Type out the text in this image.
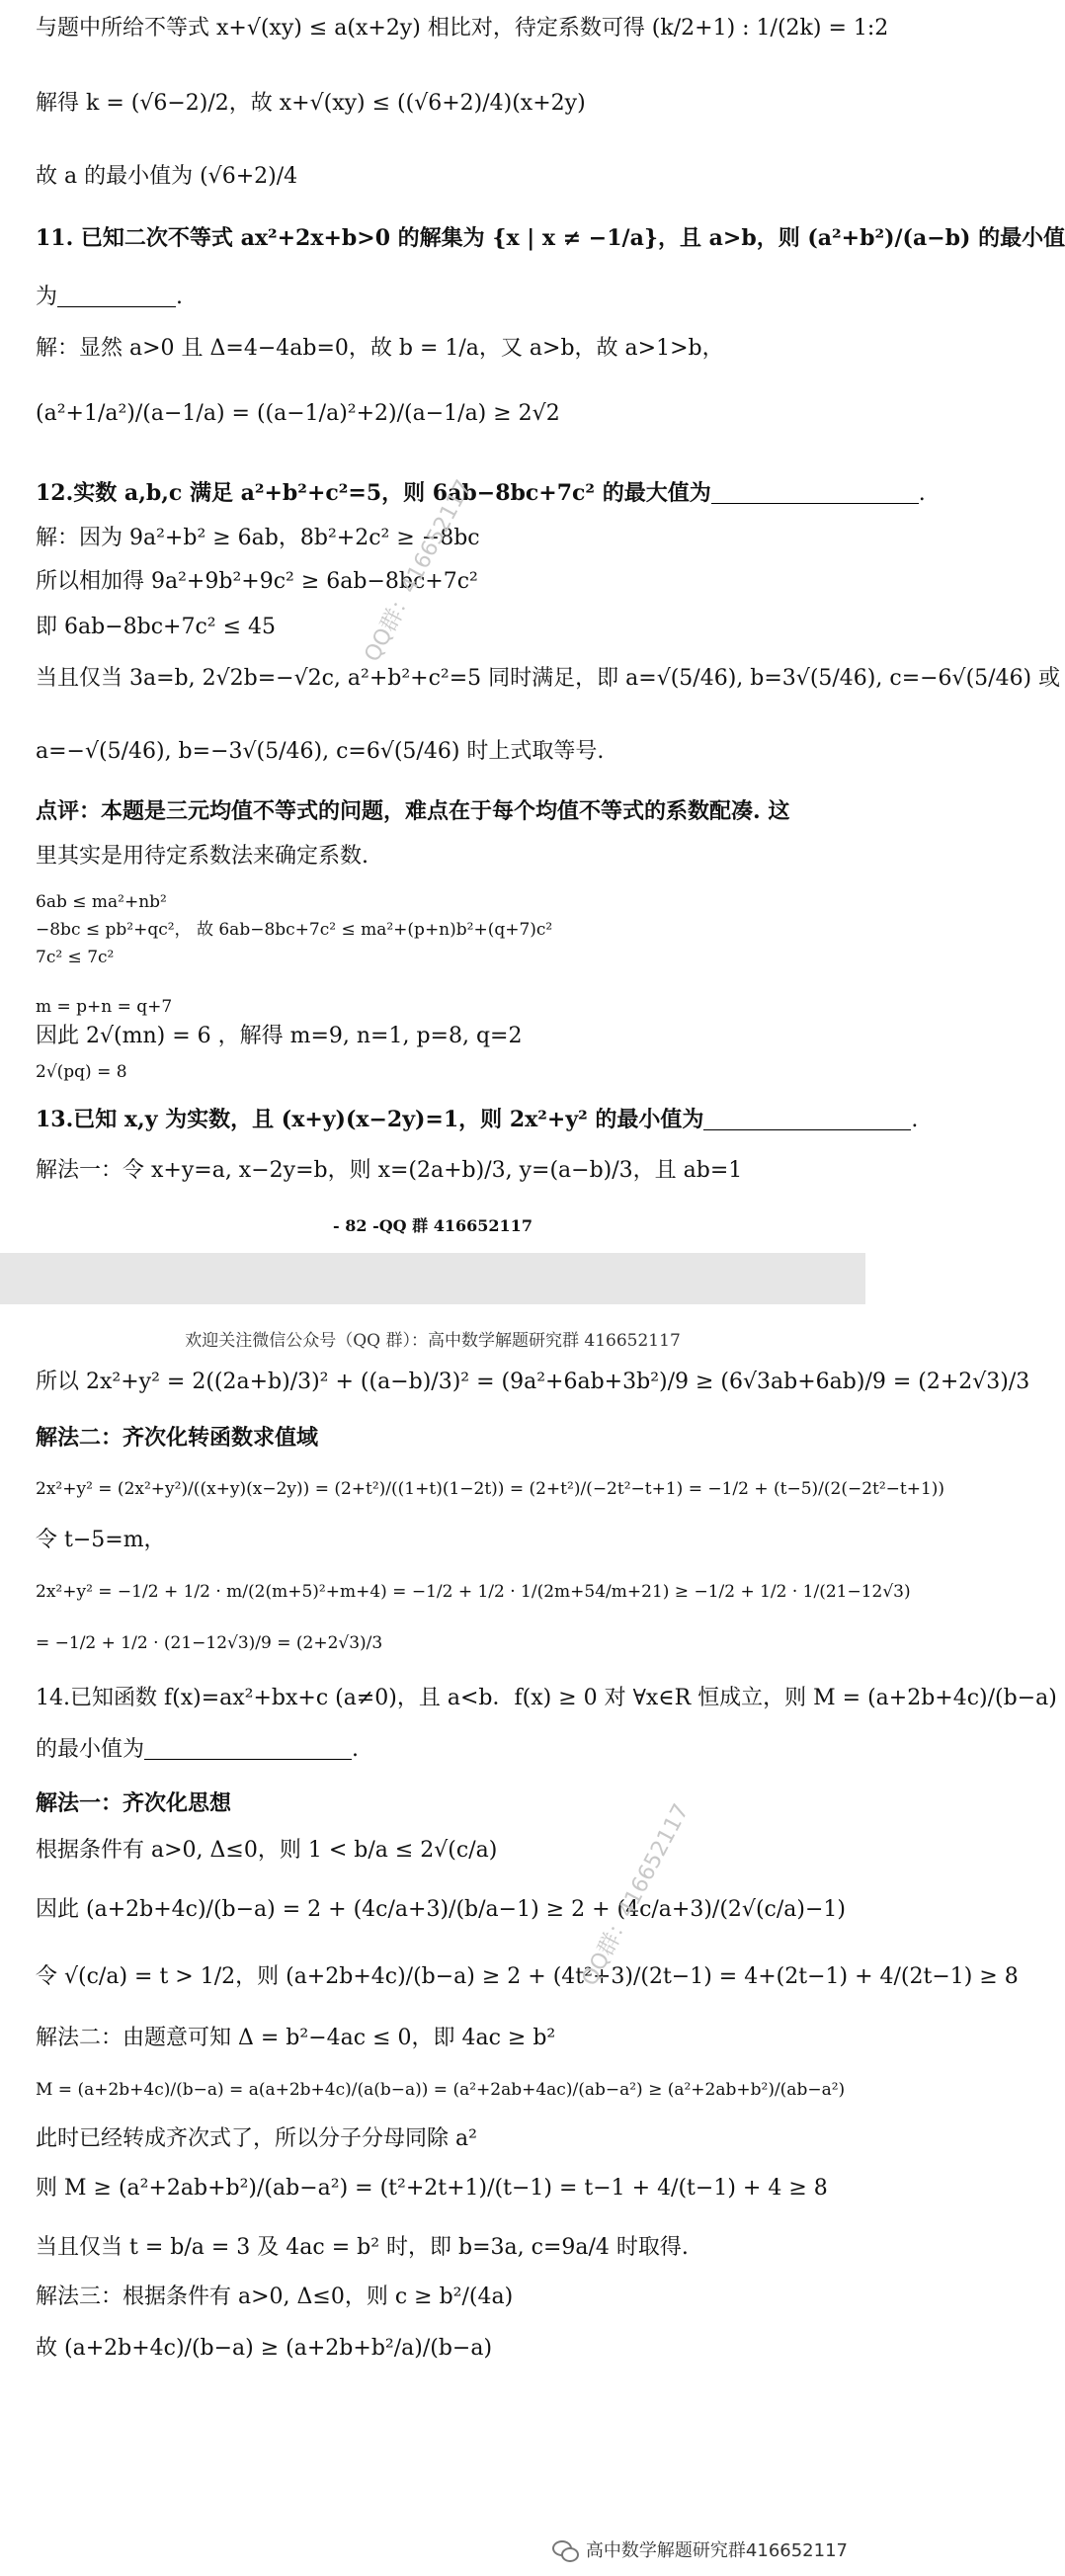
与题中所给不等式 x+√(xy) ≤ a(x+2y) 相比对，待定系数可得 (k/2+1) : 1/(2k) = 1:2
解得 k = (√6−2)/2，故 x+√(xy) ≤ ((√6+2)/4)(x+2y)
故 a 的最小值为 (√6+2)/4
11. 已知二次不等式 ax²+2x+b>0 的解集为 {x | x ≠ −1/a}，且 a>b，则 (a²+b²)/(a−b) 的最小值
为	.
解：显然 a>0 且 Δ=4−4ab=0，故 b = 1/a，又 a>b，故 a>1>b，
(a²+1/a²)/(a−1/a) = ((a−1/a)²+2)/(a−1/a) ≥ 2√2
12.实数 a,b,c 满足 a²+b²+c²=5，则 6ab−8bc+7c² 的最大值为	.
解：因为 9a²+b² ≥ 6ab，8b²+2c² ≥ −8bc
所以相加得 9a²+9b²+9c² ≥ 6ab−8bc+7c²
即 6ab−8bc+7c² ≤ 45
当且仅当 3a=b, 2√2b=−√2c, a²+b²+c²=5 同时满足，即 a=√(5/46), b=3√(5/46), c=−6√(5/46) 或
a=−√(5/46), b=−3√(5/46), c=6√(5/46) 时上式取等号.
点评：本题是三元均值不等式的问题，难点在于每个均值不等式的系数配凑. 这
里其实是用待定系数法来确定系数.
6ab ≤ ma²+nb²
−8bc ≤ pb²+qc²， 故 6ab−8bc+7c² ≤ ma²+(p+n)b²+(q+7)c²
7c² ≤ 7c²
m = p+n = q+7
因此 2√(mn) = 6 ，解得 m=9, n=1, p=8, q=2
2√(pq) = 8
13.已知 x,y 为实数，且 (x+y)(x−2y)=1，则 2x²+y² 的最小值为	.
解法一：令 x+y=a, x−2y=b，则 x=(2a+b)/3, y=(a−b)/3，且 ab=1
- 82 -QQ 群 416652117
QQ群：416652117
欢迎关注微信公众号（QQ 群）：高中数学解题研究群 416652117
所以 2x²+y² = 2((2a+b)/3)² + ((a−b)/3)² = (9a²+6ab+3b²)/9 ≥ (6√3ab+6ab)/9 = (2+2√3)/3
解法二：齐次化转函数求值域
2x²+y² = (2x²+y²)/((x+y)(x−2y)) = (2+t²)/((1+t)(1−2t)) = (2+t²)/(−2t²−t+1) = −1/2 + (t−5)/(2(−2t²−t+1))
令 t−5=m，
2x²+y² = −1/2 + 1/2 · m/(2(m+5)²+m+4) = −1/2 + 1/2 · 1/(2m+54/m+21) ≥ −1/2 + 1/2 · 1/(21−12√3)
= −1/2 + 1/2 · (21−12√3)/9 = (2+2√3)/3
14.已知函数 f(x)=ax²+bx+c (a≠0)，且 a<b．f(x) ≥ 0 对 ∀x∈R 恒成立，则 M = (a+2b+4c)/(b−a)
的最小值为	.
解法一：齐次化思想
根据条件有 a>0, Δ≤0，则 1 < b/a ≤ 2√(c/a)
因此 (a+2b+4c)/(b−a) = 2 + (4c/a+3)/(b/a−1) ≥ 2 + (4c/a+3)/(2√(c/a)−1)
令 √(c/a) = t > 1/2，则 (a+2b+4c)/(b−a) ≥ 2 + (4t²+3)/(2t−1) = 4+(2t−1) + 4/(2t−1) ≥ 8
解法二：由题意可知 Δ = b²−4ac ≤ 0，即 4ac ≥ b²
M = (a+2b+4c)/(b−a) = a(a+2b+4c)/(a(b−a)) = (a²+2ab+4ac)/(ab−a²) ≥ (a²+2ab+b²)/(ab−a²)
此时已经转成齐次式了，所以分子分母同除 a²
则 M ≥ (a²+2ab+b²)/(ab−a²) = (t²+2t+1)/(t−1) = t−1 + 4/(t−1) + 4 ≥ 8
当且仅当 t = b/a = 3 及 4ac = b² 时，即 b=3a, c=9a/4 时取得.
解法三：根据条件有 a>0, Δ≤0，则 c ≥ b²/(4a)
故 (a+2b+4c)/(b−a) ≥ (a+2b+b²/a)/(b−a)
QQ群：416652117
高中数学解题研究群416652117
